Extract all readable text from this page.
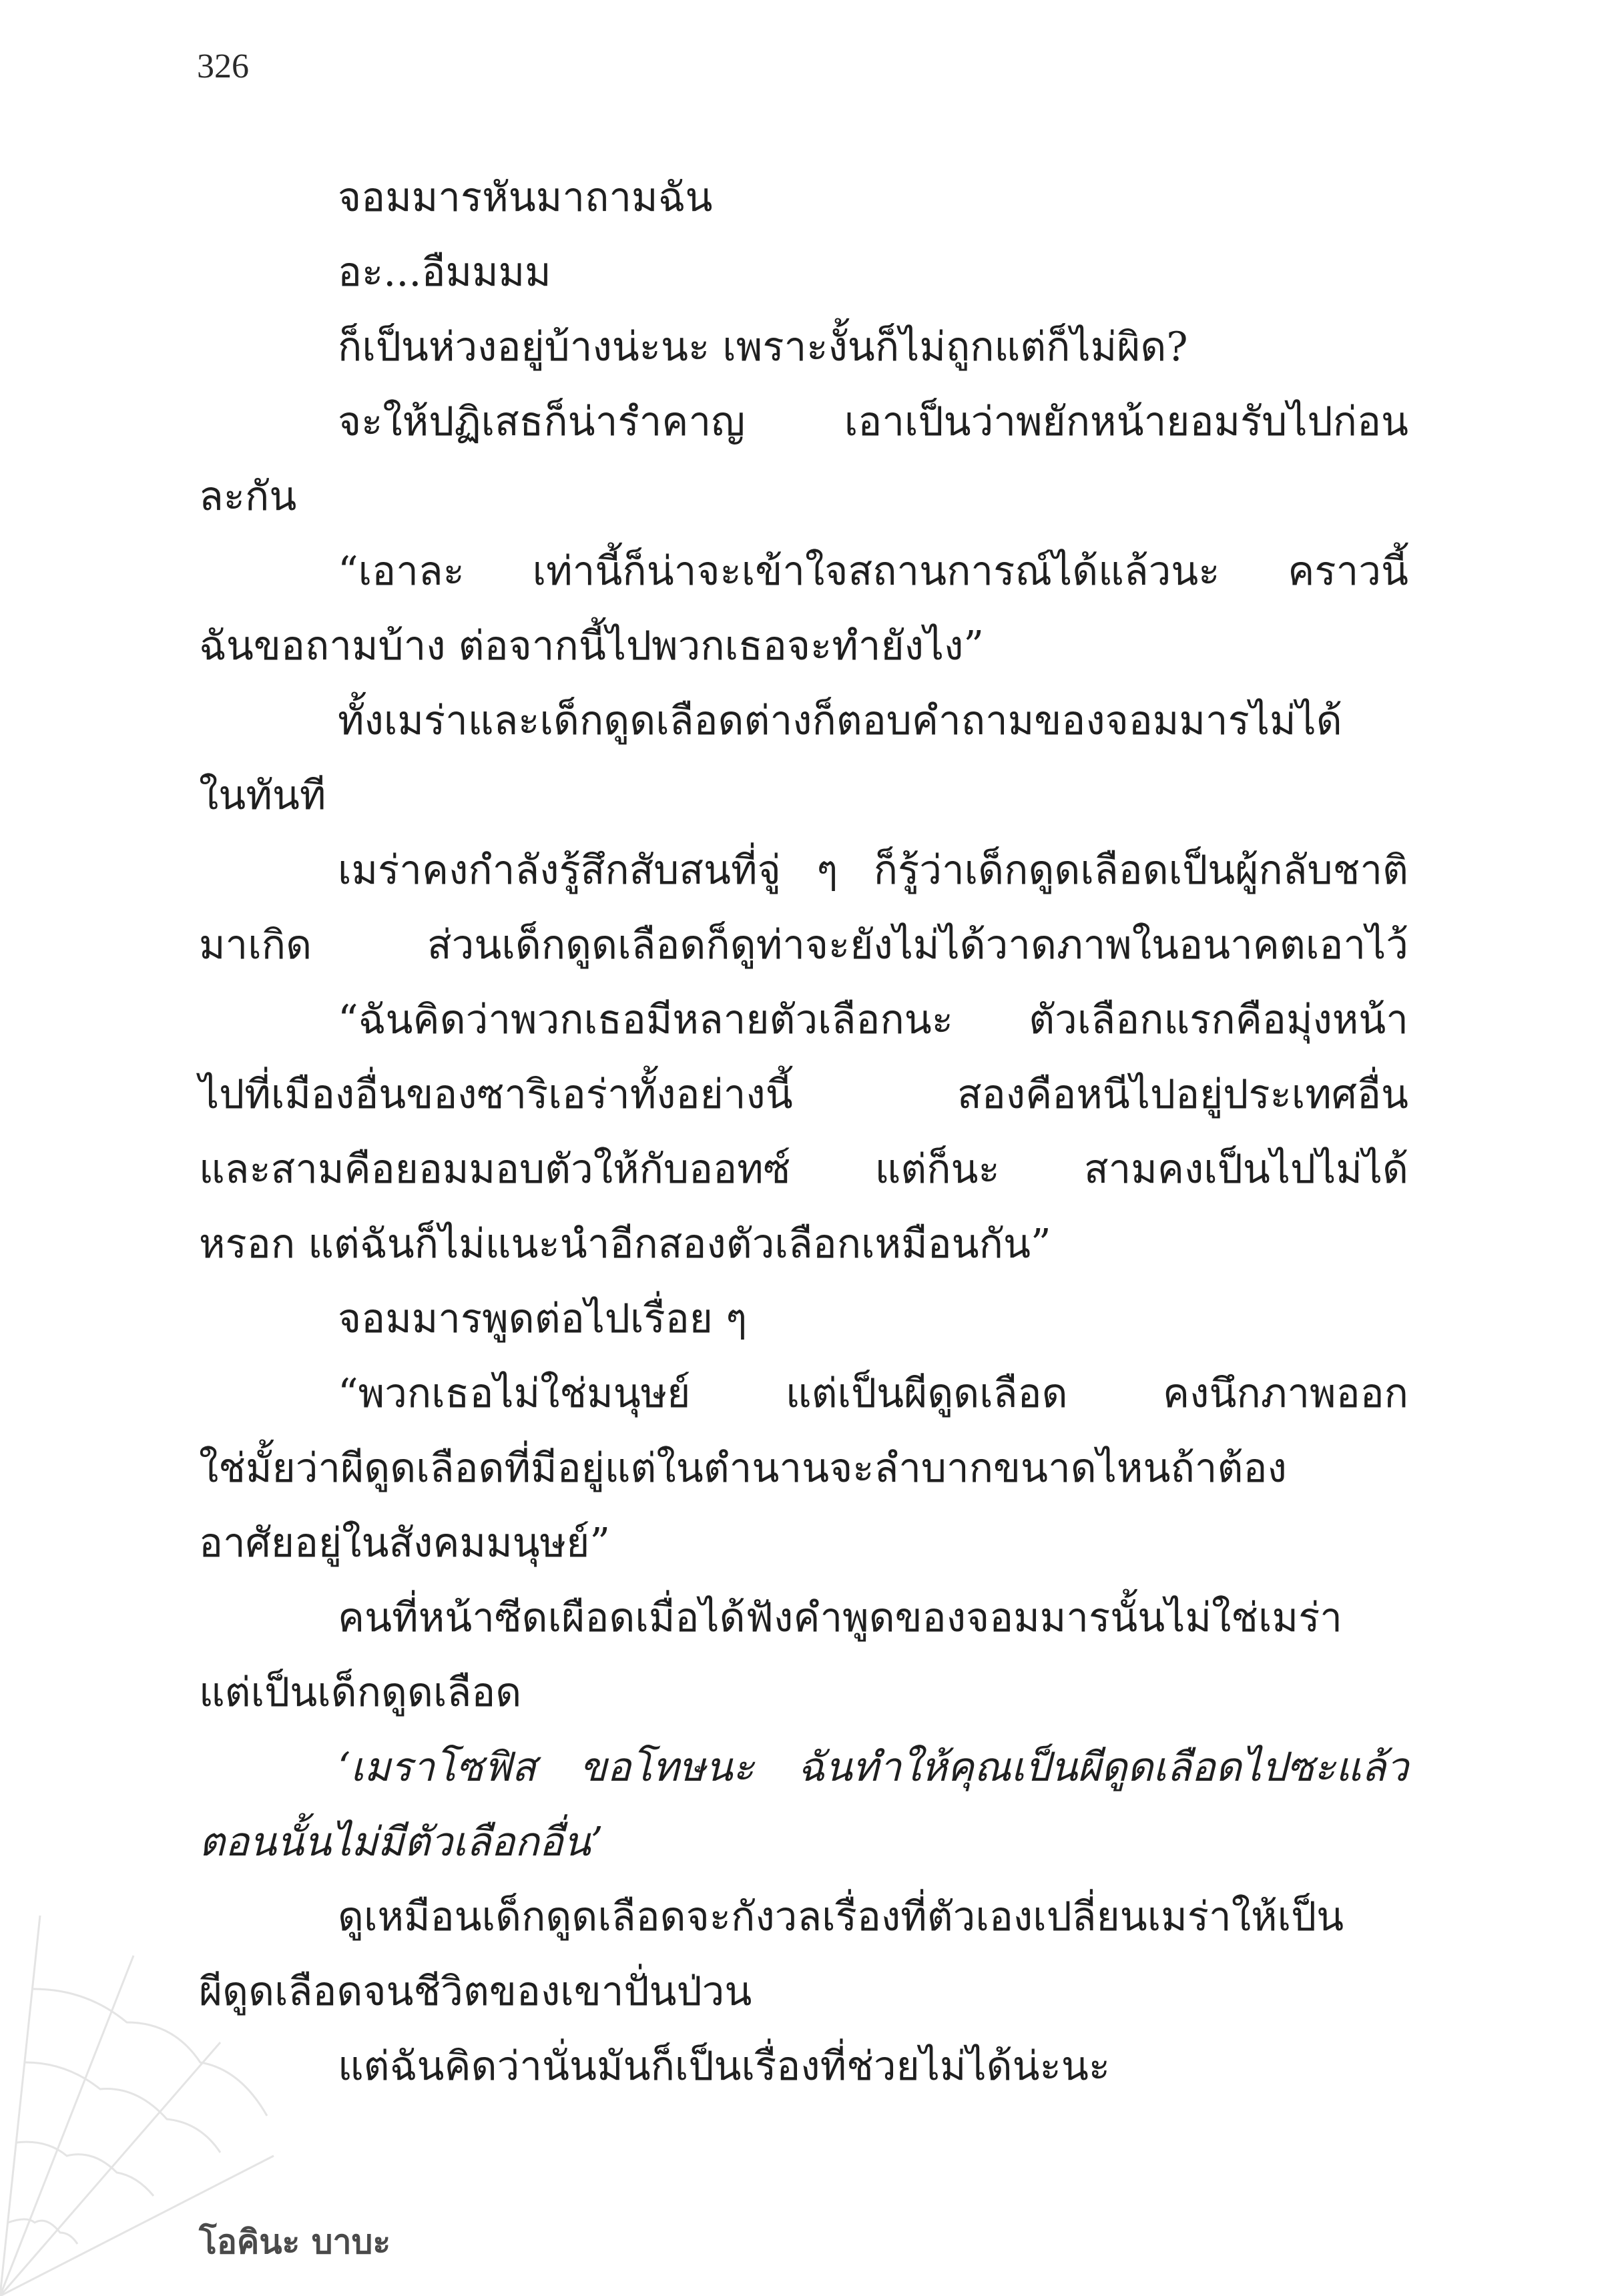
326
จอมมารหันมาถามฉัน
อะ...อืมมมม
ก็เป็นห่วงอยู่บ้างน่ะนะ เพราะงั้นก็ไม่ถูกแต่ก็ไม่ผิด?
จะให้ปฏิเสธก็น่ารำคาญ เอาเป็นว่าพยักหน้ายอมรับไปก่อน
ละกัน
“เอาละ เท่านี้ก็น่าจะเข้าใจสถานการณ์ได้แล้วนะ คราวนี้
ฉันขอถามบ้าง ต่อจากนี้ไปพวกเธอจะทำยังไง”
ทั้งเมร่าและเด็กดูดเลือดต่างก็ตอบคำถามของจอมมารไม่ได้
ในทันที
เมร่าคงกำลังรู้สึกสับสนที่จู่ ๆ ก็รู้ว่าเด็กดูดเลือดเป็นผู้กลับชาติ
มาเกิด ส่วนเด็กดูดเลือดก็ดูท่าจะยังไม่ได้วาดภาพในอนาคตเอาไว้
“ฉันคิดว่าพวกเธอมีหลายตัวเลือกนะ ตัวเลือกแรกคือมุ่งหน้า
ไปที่เมืองอื่นของซาริเอร่าทั้งอย่างนี้ สองคือหนีไปอยู่ประเทศอื่น
และสามคือยอมมอบตัวให้กับออทซ์ แต่ก็นะ สามคงเป็นไปไม่ได้
หรอก แต่ฉันก็ไม่แนะนำอีกสองตัวเลือกเหมือนกัน”
จอมมารพูดต่อไปเรื่อย ๆ
“พวกเธอไม่ใช่มนุษย์ แต่เป็นผีดูดเลือด คงนึกภาพออก
ใช่มั้ยว่าผีดูดเลือดที่มีอยู่แต่ในตำนานจะลำบากขนาดไหนถ้าต้อง
อาศัยอยู่ในสังคมมนุษย์”
คนที่หน้าซีดเผือดเมื่อได้ฟังคำพูดของจอมมารนั้นไม่ใช่เมร่า
แต่เป็นเด็กดูดเลือด
‘เมราโซฟิส ขอโทษนะ ฉันทำให้คุณเป็นผีดูดเลือดไปซะแล้ว
ตอนนั้นไม่มีตัวเลือกอื่น’
ดูเหมือนเด็กดูดเลือดจะกังวลเรื่องที่ตัวเองเปลี่ยนเมร่าให้เป็น
ผีดูดเลือดจนชีวิตของเขาปั่นป่วน
แต่ฉันคิดว่านั่นมันก็เป็นเรื่องที่ช่วยไม่ได้น่ะนะ
โอคินะ บาบะ
